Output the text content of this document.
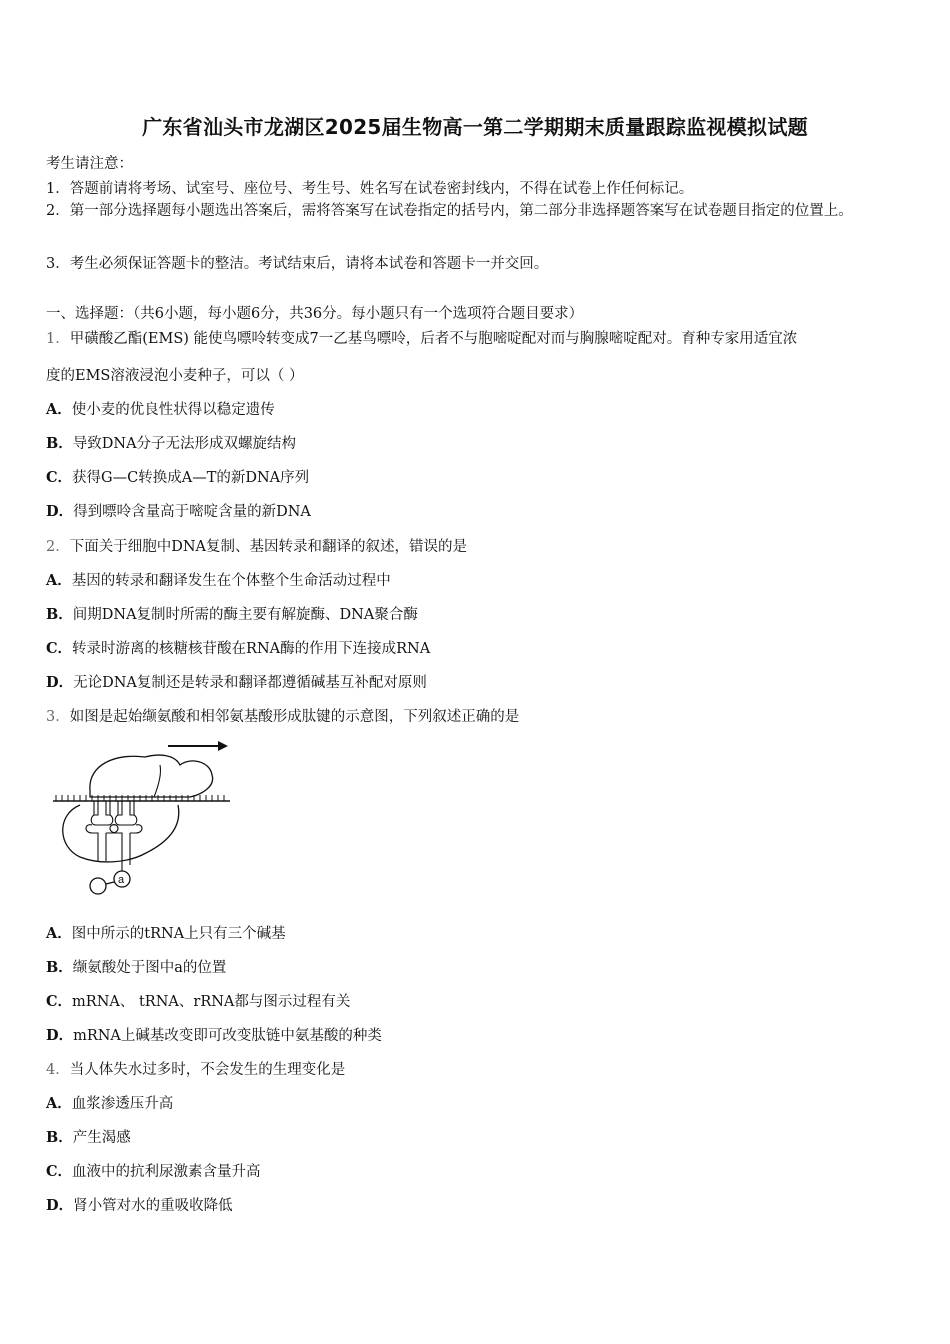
广东省汕头市龙湖区2025届生物高一第二学期期末质量跟踪监视模拟试题
考生请注意：
1．答题前请将考场、试室号、座位号、考生号、姓名写在试卷密封线内，不得在试卷上作任何标记。
2．第一部分选择题每小题选出答案后，需将答案写在试卷指定的括号内，第二部分非选择题答案写在试卷题目指定的位置上。
3．考生必须保证答题卡的整洁。考试结束后，请将本试卷和答题卡一并交回。
一、选择题：（共6小题，每小题6分，共36分。每小题只有一个选项符合题目要求）
1．甲磺酸乙酯(EMS) 能使鸟嘌呤转变成7一乙基鸟嘌呤，后者不与胞嘧啶配对而与胸腺嘧啶配对。育种专家用适宜浓
度的EMS溶液浸泡小麦种子，可以（ ）
A．使小麦的优良性状得以稳定遗传
B．导致DNA分子无法形成双螺旋结构
C．获得G—C转换成A—T的新DNA序列
D．得到嘌呤含量高于嘧啶含量的新DNA
2．下面关于细胞中DNA复制、基因转录和翻译的叙述，错误的是
A．基因的转录和翻译发生在个体整个生命活动过程中
B．间期DNA复制时所需的酶主要有解旋酶、DNA聚合酶
C．转录时游离的核糖核苷酸在RNA酶的作用下连接成RNA
D．无论DNA复制还是转录和翻译都遵循碱基互补配对原则
3．如图是起始缬氨酸和相邻氨基酸形成肽键的示意图，下列叙述正确的是
a
A．图中所示的tRNA上只有三个碱基
B．缬氨酸处于图中a的位置
C．mRNA、 tRNA、rRNA都与图示过程有关
D．mRNA上碱基改变即可改变肽链中氨基酸的种类
4．当人体失水过多时，不会发生的生理变化是
A．血浆渗透压升高
B．产生渴感
C．血液中的抗利尿激素含量升高
D．肾小管对水的重吸收降低
